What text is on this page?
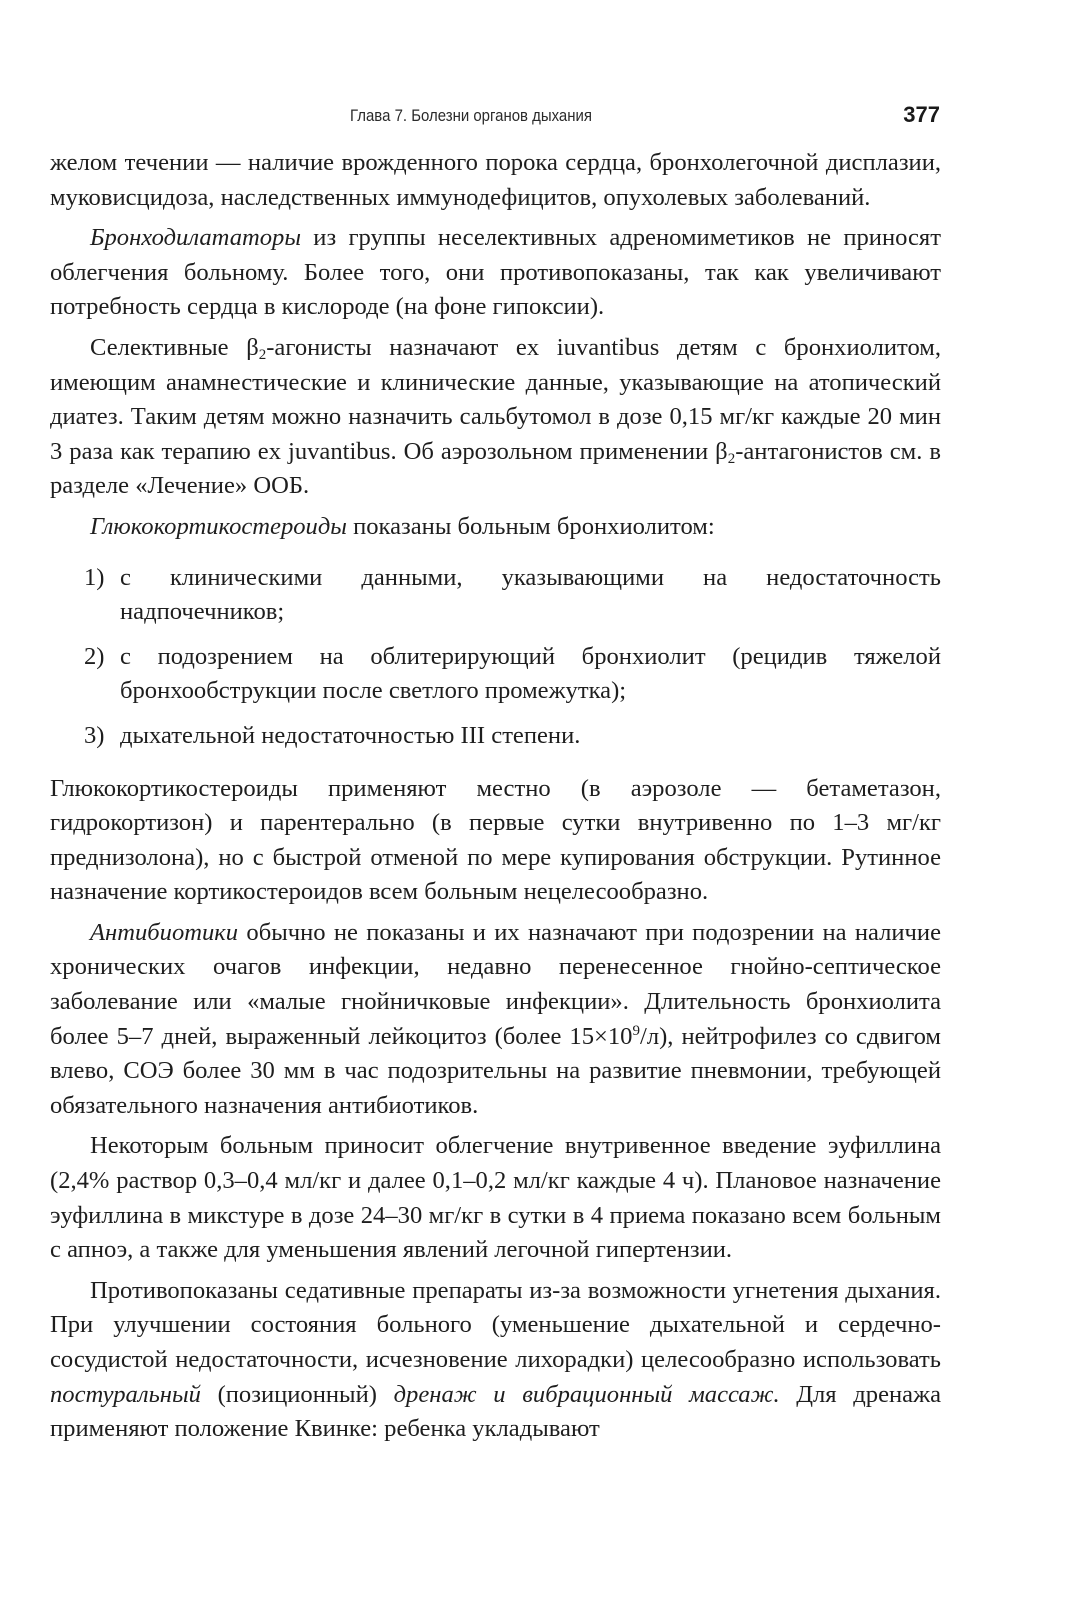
Глава 7. Болезни органов дыхания	377

желом течении — наличие врожденного порока сердца, бронхолегочной дисплазии, муковисцидоза, наследственных иммунодефицитов, опухолевых заболеваний.

Бронходилататоры из группы неселективных адреномиметиков не приносят облегчения больному. Более того, они противопоказаны, так как увеличивают потребность сердца в кислороде (на фоне гипоксии).

Селективные $\beta_2$-агонисты назначают ex iuvantibus детям с бронхиолитом, имеющим анамнестические и клинические данные, указывающие на атопический диатез. Таким детям можно назначить сальбутомол в дозе 0,15 мг/кг каждые 20 мин 3 раза как терапию ex juvantibus. Об аэрозольном применении $\beta_2$-антагонистов см. в разделе «Лечение» ООБ.

Глюкокортикостероиды показаны больным бронхиолитом:

1) с клиническими данными, указывающими на недостаточность надпочечников;
2) с подозрением на облитерирующий бронхиолит (рецидив тяжелой бронхообструкции после светлого промежутка);
3) дыхательной недостаточностью III степени.

Глюкокортикостероиды применяют местно (в аэрозоле — бетаметазон, гидрокортизон) и парентерально (в первые сутки внутривенно по 1–3 мг/кг преднизолона), но с быстрой отменой по мере купирования обструкции. Рутинное назначение кортикостероидов всем больным нецелесообразно.

Антибиотики обычно не показаны и их назначают при подозрении на наличие хронических очагов инфекции, недавно перенесенное гнойно-септическое заболевание или «малые гнойничковые инфекции». Длительность бронхиолита более 5–7 дней, выраженный лейкоцитоз (более $15\times 10^9/л$), нейтрофилез со сдвигом влево, СОЭ более 30 мм в час подозрительны на развитие пневмонии, требующей обязательного назначения антибиотиков.

Некоторым больным приносит облегчение внутривенное введение эуфиллина (2,4% раствор 0,3–0,4 мл/кг и далее 0,1–0,2 мл/кг каждые 4 ч). Плановое назначение эуфиллина в микстуре в дозе 24–30 мг/кг в сутки в 4 приема показано всем больным с апноэ, а также для уменьшения явлений легочной гипертензии.

Противопоказаны седативные препараты из-за возможности угнетения дыхания. При улучшении состояния больного (уменьшение дыхательной и сердечно-сосудистой недостаточности, исчезновение лихорадки) целесообразно использовать постуральный (позиционный) дренаж и вибрационный массаж. Для дренажа применяют положение Квинке: ребенка укладывают
